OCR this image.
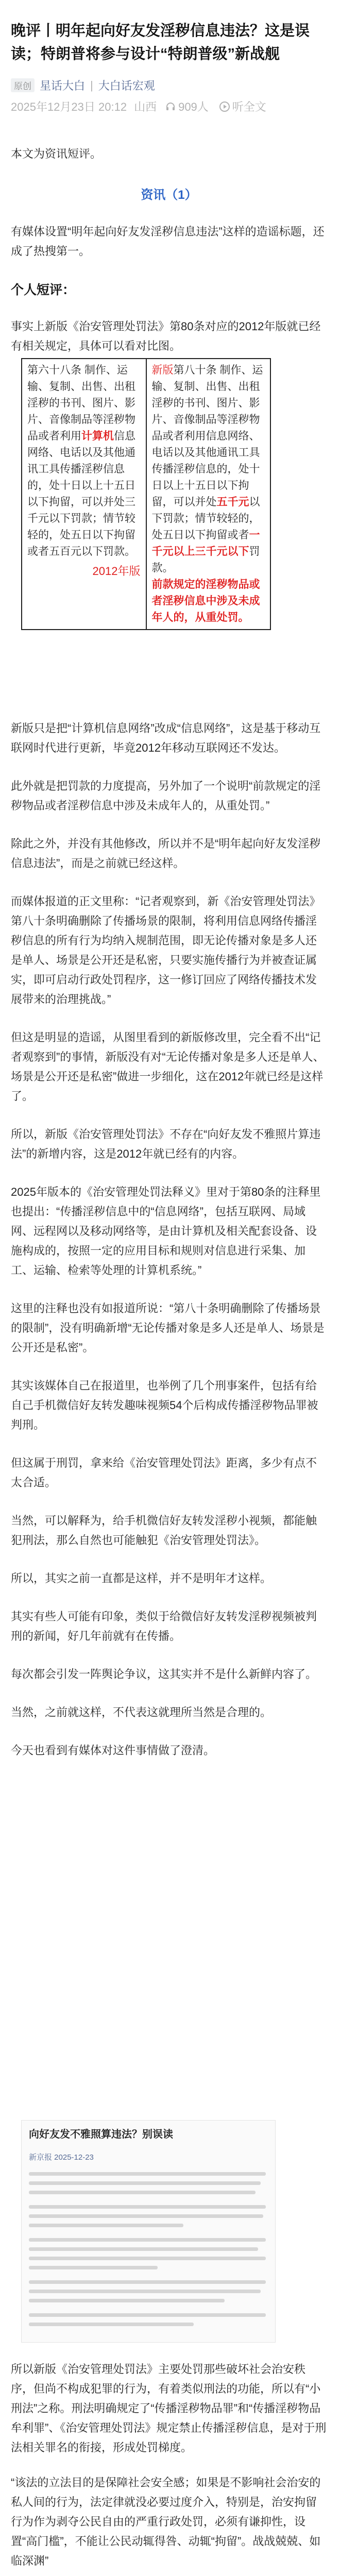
晚评丨明年起向好友发淫秽信息违法？这是误读；特朗普将参与设计“特朗普级”新战舰
原创 星话大白 | 大白话宏观
2025年12月23日 20:12 山西 909人 听全文

本文为资讯短评。

资讯（1）

有媒体设置“明年起向好友发淫秽信息违法”这样的造谣标题，还成了热搜第一。

个人短评：

事实上新版《治安管理处罚法》第80条对应的2012年版就已经有相关规定，具体可以看对比图。

第六十八条 制作、运输、复制、出售、出租淫秽的书刊、图片、影片、音像制品等淫秽物品或者利用计算机信息网络、电话以及其他通讯工具传播淫秽信息的，处十日以上十五日以下拘留，可以并处三千元以下罚款；情节较轻的，处五日以下拘留或者五百元以下罚款。
2012年版
	新版第八十条 制作、运输、复制、出售、出租淫秽的书刊、图片、影片、音像制品等淫秽物品或者利用信息网络、电话以及其他通讯工具传播淫秽信息的，处十日以上十五日以下拘留，可以并处五千元以下罚款；情节较轻的，处五日以下拘留或者一千元以上三千元以下罚款。
前款规定的淫秽物品或者淫秽信息中涉及未成年人的，从重处罚。

新版只是把“计算机信息网络”改成“信息网络”，这是基于移动互联网时代进行更新，毕竟2012年移动互联网还不发达。

此外就是把罚款的力度提高，另外加了一个说明“前款规定的淫秽物品或者淫秽信息中涉及未成年人的，从重处罚。”

除此之外，并没有其他修改，所以并不是“明年起向好友发淫秽信息违法”，而是之前就已经这样。

而媒体报道的正文里称：“记者观察到，新《治安管理处罚法》第八十条明确删除了传播场景的限制，将利用信息网络传播淫秽信息的所有行为均纳入规制范围，即无论传播对象是多人还是单人、场景是公开还是私密，只要实施传播行为并被查证属实，即可启动行政处罚程序，这一修订回应了网络传播技术发展带来的治理挑战。”

但这是明显的造谣，从图里看到的新版修改里，完全看不出“记者观察到”的事情，新版没有对“无论传播对象是多人还是单人、场景是公开还是私密”做进一步细化，这在2012年就已经是这样了。

所以，新版《治安管理处罚法》不存在“向好友发不雅照片算违法”的新增内容，这是2012年就已经有的内容。

2025年版本的《治安管理处罚法释义》里对于第80条的注释里也提出：“传播淫秽信息中的“信息网络”，包括互联网、局域网、远程网以及移动网络等，是由计算机及相关配套设备、设施构成的，按照一定的应用目标和规则对信息进行采集、加工、运输、检索等处理的计算机系统。”

这里的注释也没有如报道所说：“第八十条明确删除了传播场景的限制”，没有明确新增“无论传播对象是多人还是单人、场景是公开还是私密”。

其实该媒体自己在报道里，也举例了几个刑事案件，包括有给自己手机微信好友转发趣味视频54个后构成传播淫秽物品罪被判刑。

但这属于刑罚，拿来给《治安管理处罚法》距离，多少有点不太合适。

当然，可以解释为，给手机微信好友转发淫秽小视频，都能触犯刑法，那么自然也可能触犯《治安管理处罚法》。

所以，其实之前一直都是这样，并不是明年才这样。

其实有些人可能有印象，类似于给微信好友转发淫秽视频被判刑的新闻，好几年前就有在传播。

每次都会引发一阵舆论争议，这其实并不是什么新鲜内容了。

当然，之前就这样，不代表这就理所当然是合理的。

今天也看到有媒体对这件事情做了澄清。

向好友发不雅照算违法？别误读
新京报 2025-12-23

所以新版《治安管理处罚法》主要处罚那些破坏社会治安秩序，但尚不构成犯罪的行为，有着类似刑法的功能，所以有“小刑法”之称。刑法明确规定了“传播淫秽物品罪”和“传播淫秽物品牟利罪”、《治安管理处罚法》规定禁止传播淫秽信息，是对于刑法相关罪名的衔接，形成处罚梯度。

“该法的立法目的是保障社会安全感；如果是不影响社会治安的私人间的行为，法定律就没必要过度介入，特别是，治安拘留行为作为剥夺公民自由的严重行政处罚，必须有谦抑性，设置“高门槛”，不能让公民动辄得咎、动辄“拘留”。战战兢兢、如临深渊”
